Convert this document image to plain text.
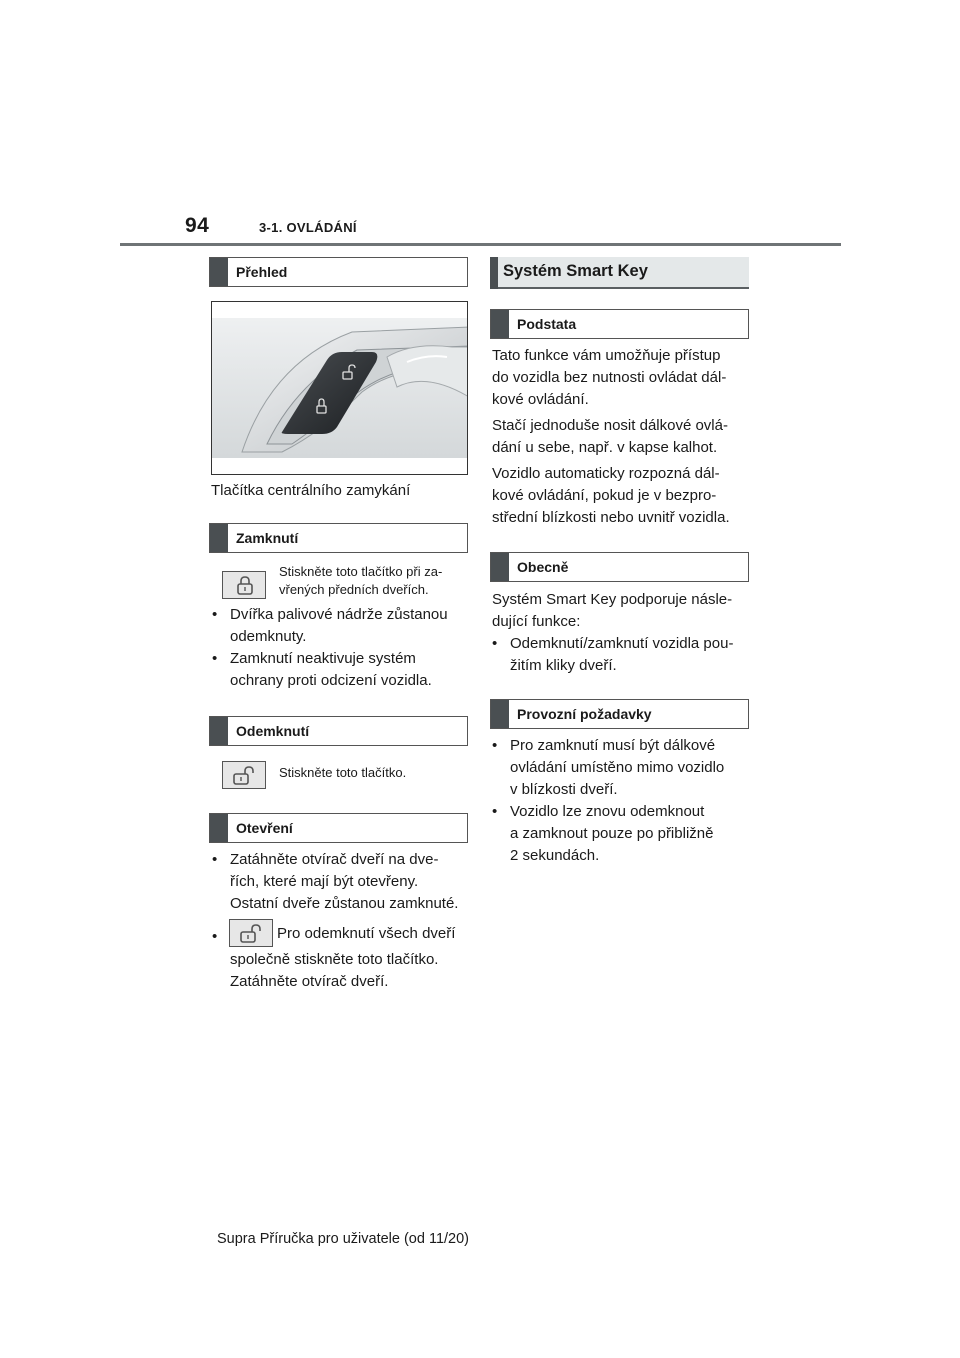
94	3-1. OVLÁDÁNÍ
Přehled
Tlačítka centrálního zamykání
Zamknutí
Stiskněte toto tlačítko při za-
vřených předních dveřích.
• Dvířka palivové nádrže zůstanou
odemknuty.
• Zamknutí neaktivuje systém
ochrany proti odcizení vozidla.
Odemknutí
Stiskněte toto tlačítko.
Otevření
• Zatáhněte otvírač dveří na dve-
řích, které mají být otevřeny.
Ostatní dveře zůstanou zamknuté.
•	Pro odemknutí všech dveří
společně stiskněte toto tlačítko.
Zatáhněte otvírač dveří.
Systém Smart Key
Podstata
Tato funkce vám umožňuje přístup
do vozidla bez nutnosti ovládat dál-
kové ovládání.
Stačí jednoduše nosit dálkové ovlá-
dání u sebe, např. v kapse kalhot.
Vozidlo automaticky rozpozná dál-
kové ovládání, pokud je v bezpro-
střední blízkosti nebo uvnitř vozidla.
Obecně
Systém Smart Key podporuje násle-
dující funkce:
• Odemknutí/zamknutí vozidla pou-
žitím kliky dveří.
Provozní požadavky
• Pro zamknutí musí být dálkové
ovládání umístěno mimo vozidlo
v blízkosti dveří.
• Vozidlo lze znovu odemknout
a zamknout pouze po přibližně
2 sekundách.
Supra Příručka pro uživatele (od 11/20)
